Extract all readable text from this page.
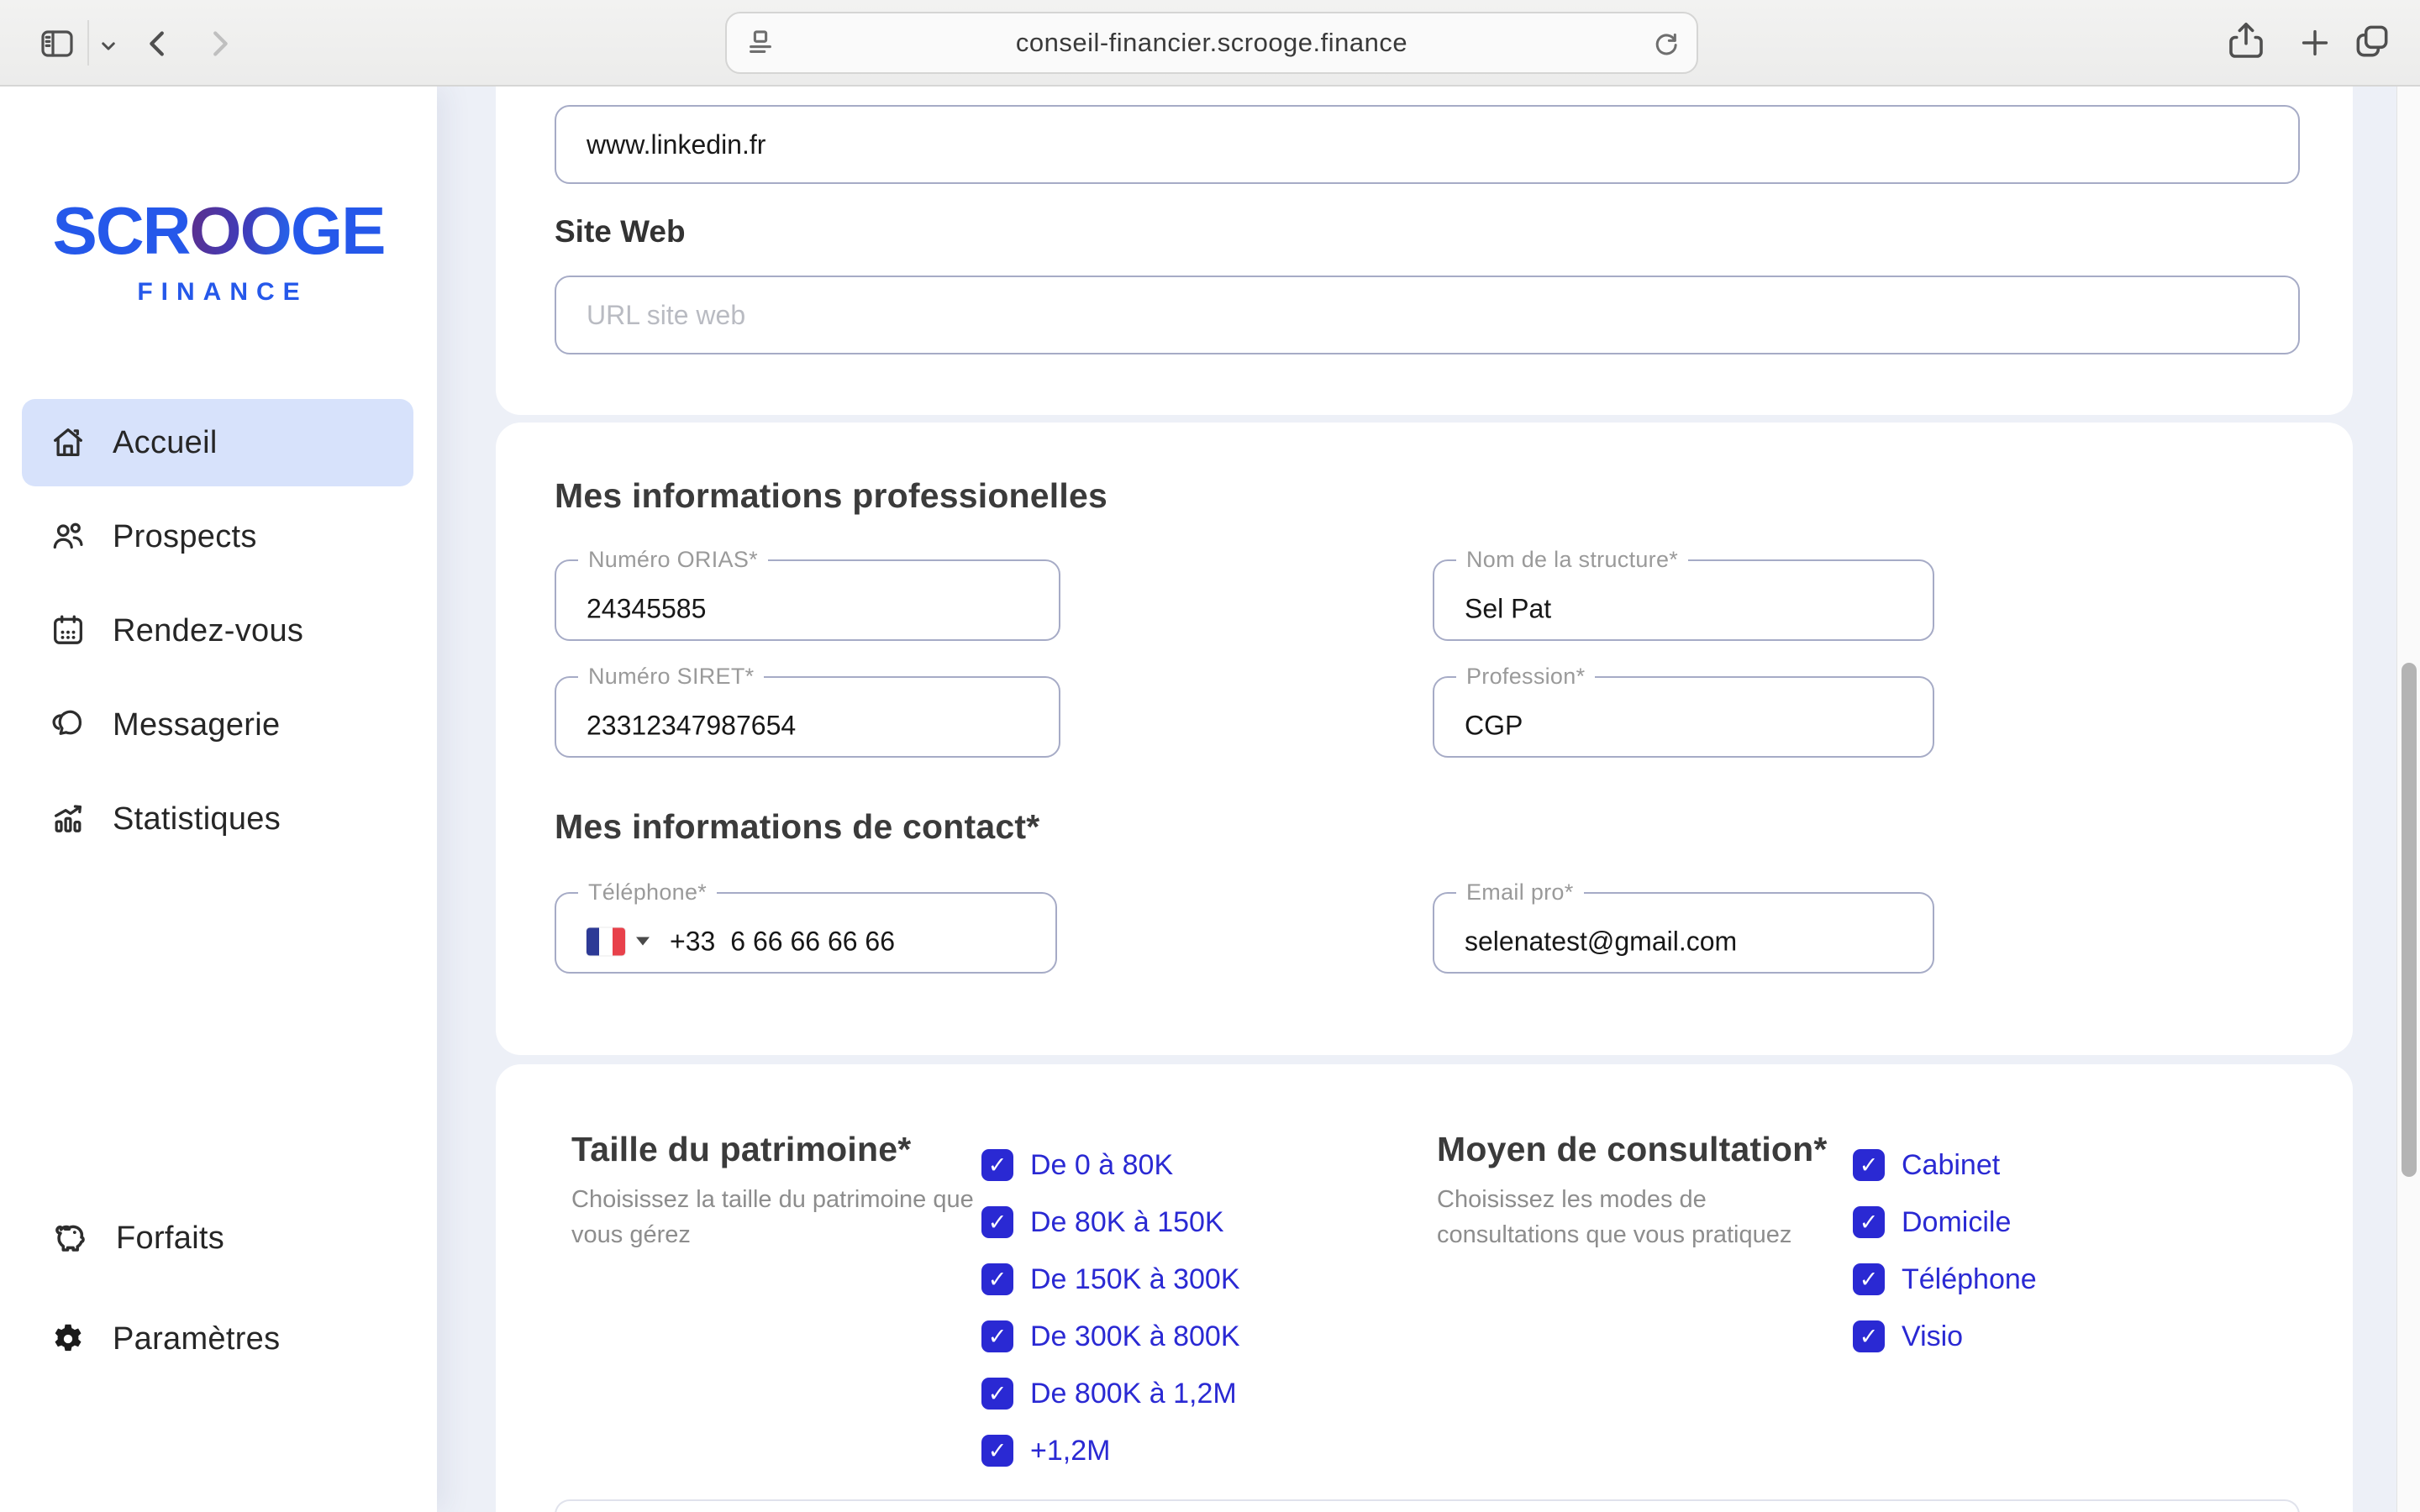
conseil-financier.scrooge.finance
SCROOGE
FINANCE
Accueil
Prospects
Rendez-vous
Messagerie
Statistiques
Forfaits
Paramètres
www.linkedin.fr
Site Web
URL site web
Mes informations professionelles
Numéro ORIAS*
24345585
Nom de la structure*
Sel Pat
Numéro SIRET*
23312347987654
Profession*
CGP
Mes informations de contact*
Téléphone*
+33 6 66 66 66 66
Email pro*
selenatest@gmail.com
Taille du patrimoine*
Choisissez la taille du patrimoine que vous gérez
✓ De 0 à 80K
✓ De 80K à 150K
✓ De 150K à 300K
✓ De 300K à 800K
✓ De 800K à 1,2M
✓ +1,2M
Moyen de consultation*
Choisissez les modes de consultations que vous pratiquez
✓ Cabinet
✓ Domicile
✓ Téléphone
✓ Visio
